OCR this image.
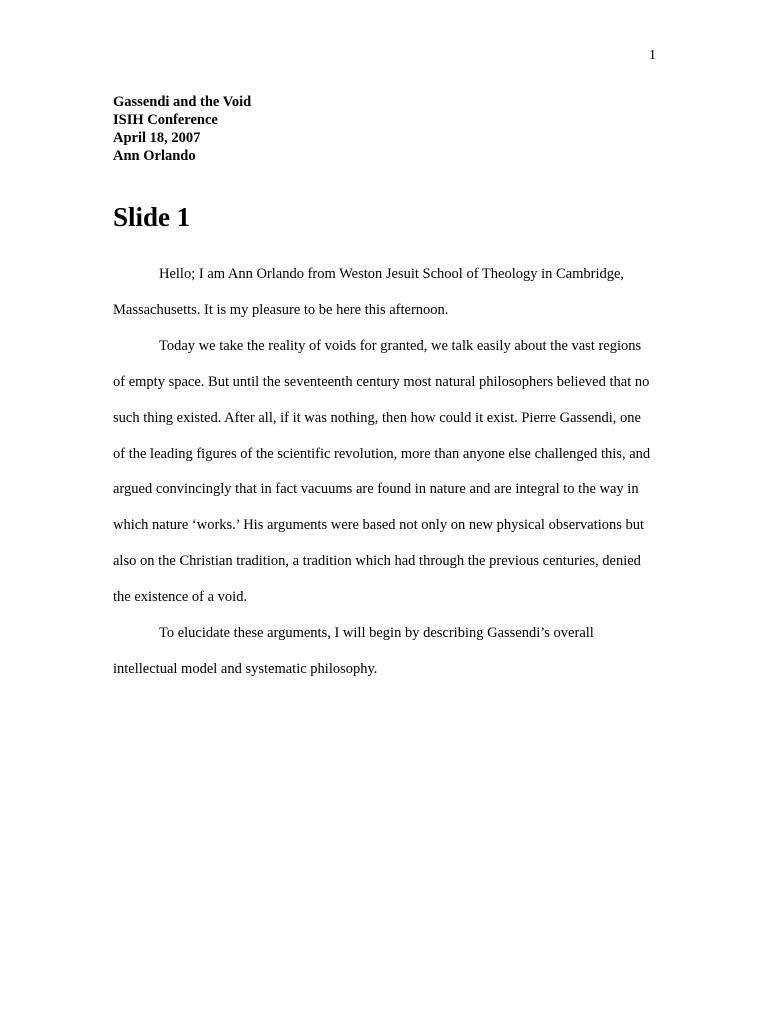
1
Gassendi and the Void
ISIH Conference
April 18, 2007
Ann Orlando
Slide 1

Hello; I am Ann Orlando from Weston Jesuit School of Theology in Cambridge, Massachusetts. It is my pleasure to be here this afternoon.

Today we take the reality of voids for granted, we talk easily about the vast regions of empty space. But until the seventeenth century most natural philosophers believed that no such thing existed. After all, if it was nothing, then how could it exist. Pierre Gassendi, one of the leading figures of the scientific revolution, more than anyone else challenged this, and argued convincingly that in fact vacuums are found in nature and are integral to the way in which nature ‘works.’ His arguments were based not only on new physical observations but also on the Christian tradition, a tradition which had through the previous centuries, denied the existence of a void.

To elucidate these arguments, I will begin by describing Gassendi’s overall intellectual model and systematic philosophy.
